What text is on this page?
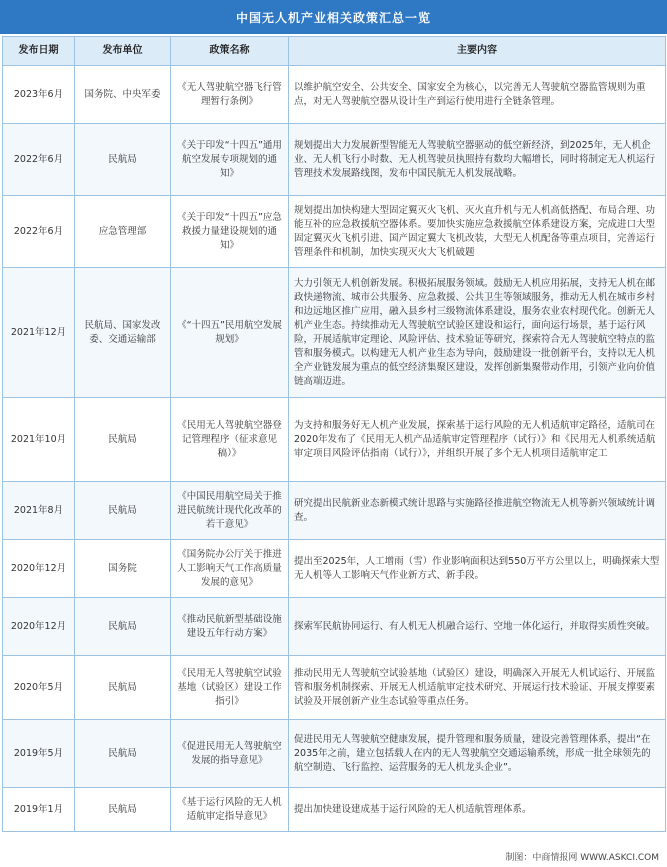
中国无人机产业相关政策汇总一览
发布日期	发布单位	政策名称	主要内容
2023年6月	国务院、中央军委	《无人驾驶航空器飞行管理暂行条例》	以维护航空安全、公共安全、国家安全为核心，以完善无人驾驶航空器监管规则为重点，对无人驾驶航空器从设计生产到运行使用进行全链条管理。
2022年6月	民航局	《关于印发“十四五”通用航空发展专项规划的通知》	规划提出大力发展新型智能无人驾驶航空器驱动的低空新经济，到2025年，无人机企业、无人机飞行小时数、无人机驾驶员执照持有数均大幅增长，同时将制定无人机运行管理技术发展路线图，发布中国民航无人机发展战略。
2022年6月	应急管理部	《关于印发“十四五”应急救援力量建设规划的通知》	规划提出加快构建大型固定翼灭火飞机、灭火直升机与无人机高低搭配、布局合理、功能互补的应急救援航空器体系。要加快实施应急救援航空体系建设方案，完成进口大型固定翼灭火飞机引进、国产固定翼大飞机改装，大型无人机配备等重点项目，完善运行管理条件和机制，加快实现灭火大飞机破题
2021年12月	民航局、国家发改委、交通运输部	《“十四五”民用航空发展规划》	大力引领无人机创新发展。积极拓展服务领域。鼓励无人机应用拓展，支持无人机在邮政快递物流、城市公共服务、应急救援、公共卫生等领域服务，推动无人机在城市乡村和边远地区推广应用，融入县乡村三级物流体系建设，服务农业农村现代化。创新无人机产业生态。持续推动无人驾驶航空试验区建设和运行，面向运行场景，基于运行风险，开展适航审定理论、风险评估、技术验证等研究，探索符合无人驾驶航空特点的监管和服务模式。以构建无人机产业生态为导向，鼓励建设一批创新平台，支持以无人机全产业链发展为重点的低空经济集聚区建设，发挥创新集聚带动作用，引领产业向价值链高端迈进。
2021年10月	民航局	《民用无人驾驶航空器登记管理程序（征求意见稿）》	为支持和服务好无人机产业发展，探索基于运行风险的无人机适航审定路径，适航司在2020年发布了《民用无人机产品适航审定管理程序（试行）》和《民用无人机系统适航审定项目风险评估指南（试行）》，并组织开展了多个无人机项目适航审定工
2021年8月	民航局	《中国民用航空局关于推进民航统计现代化改革的若干意见》	研究提出民航新业态新模式统计思路与实施路径推进航空物流无人机等新兴领域统计调查。
2020年12月	国务院	《国务院办公厅关于推进人工影响天气工作高质量发展的意见》	提出至2025年，人工增雨（雪）作业影响面积达到550万平方公里以上，明确探索大型无人机等人工影响天气作业新方式、新手段。
2020年12月	民航局	《推动民航新型基础设施建设五年行动方案》	探索军民航协同运行、有人机无人机融合运行、空地一体化运行，并取得实质性突破。
2020年5月	民航局	《民用无人驾驶航空试验基地（试验区）建设工作指引》	推动民用无人驾驶航空试验基地（试验区）建设，明确深入开展无人机试运行、开展监管和服务机制探索、开展无人机适航审定技术研究、开展运行技术验证、开展支撑要素试验及开展创新产业生态试验等重点任务。
2019年5月	民航局	《促进民用无人驾驶航空发展的指导意见》	促进民用无人驾驶航空健康发展，提升管理和服务质量，建设完善管理体系，提出“在2035年之前，建立包括载人在内的无人驾驶航空交通运输系统，形成一批全球领先的航空制造、飞行监控、运营服务的无人机龙头企业”。
2019年1月	民航局	《基于运行风险的无人机适航审定指导意见》	提出加快建设建成基于运行风险的无人机适航管理体系。
制图：中商情报网 WWW.ASKCI.COM
